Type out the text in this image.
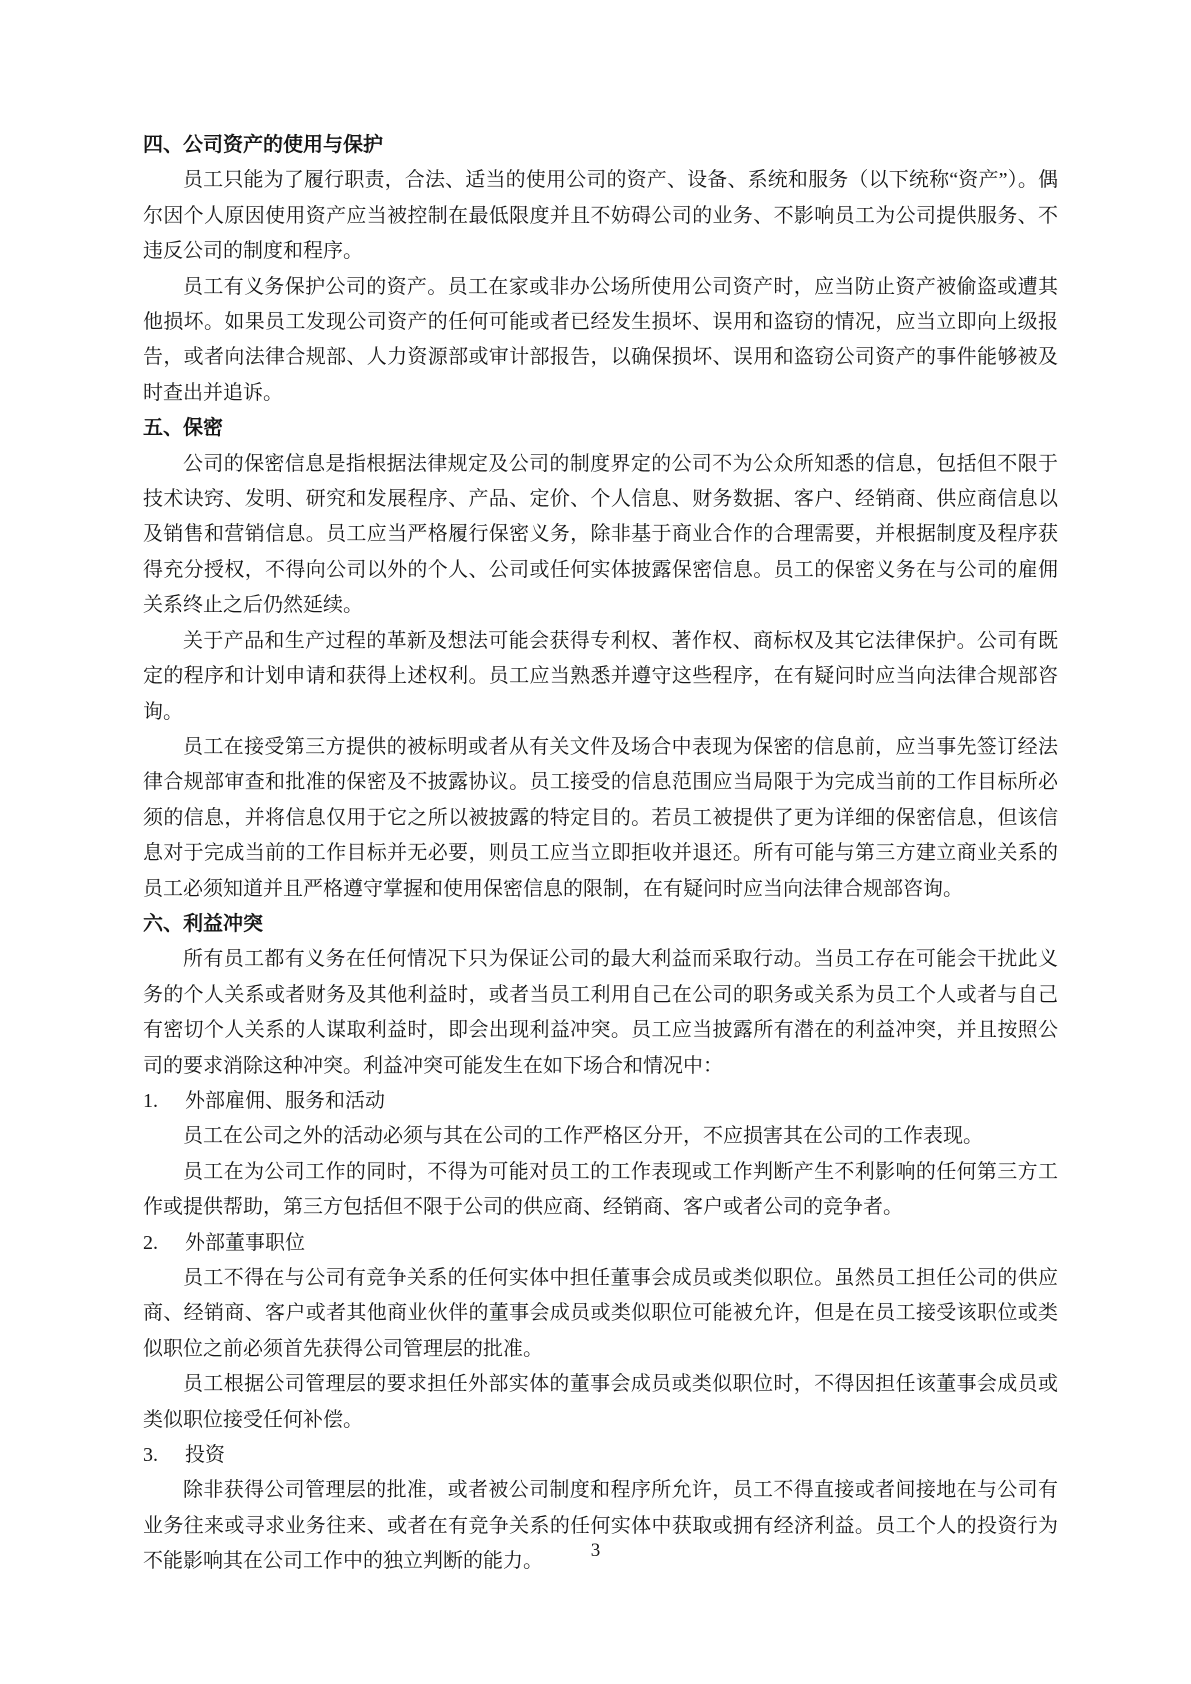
四、公司资产的使用与保护

员工只能为了履行职责，合法、适当的使用公司的资产、设备、系统和服务（以下统称“资产”）。偶尔因个人原因使用资产应当被控制在最低限度并且不妨碍公司的业务、不影响员工为公司提供服务、不违反公司的制度和程序。

员工有义务保护公司的资产。员工在家或非办公场所使用公司资产时，应当防止资产被偷盗或遭其他损坏。如果员工发现公司资产的任何可能或者已经发生损坏、误用和盗窃的情况，应当立即向上级报告，或者向法律合规部、人力资源部或审计部报告，以确保损坏、误用和盗窃公司资产的事件能够被及时查出并追诉。

五、保密

公司的保密信息是指根据法律规定及公司的制度界定的公司不为公众所知悉的信息，包括但不限于技术诀窍、发明、研究和发展程序、产品、定价、个人信息、财务数据、客户、经销商、供应商信息以及销售和营销信息。员工应当严格履行保密义务，除非基于商业合作的合理需要，并根据制度及程序获得充分授权，不得向公司以外的个人、公司或任何实体披露保密信息。员工的保密义务在与公司的雇佣关系终止之后仍然延续。

关于产品和生产过程的革新及想法可能会获得专利权、著作权、商标权及其它法律保护。公司有既定的程序和计划申请和获得上述权利。员工应当熟悉并遵守这些程序，在有疑问时应当向法律合规部咨询。

员工在接受第三方提供的被标明或者从有关文件及场合中表现为保密的信息前，应当事先签订经法律合规部审查和批准的保密及不披露协议。员工接受的信息范围应当局限于为完成当前的工作目标所必须的信息，并将信息仅用于它之所以被披露的特定目的。若员工被提供了更为详细的保密信息，但该信息对于完成当前的工作目标并无必要，则员工应当立即拒收并退还。所有可能与第三方建立商业关系的员工必须知道并且严格遵守掌握和使用保密信息的限制，在有疑问时应当向法律合规部咨询。

六、利益冲突

所有员工都有义务在任何情况下只为保证公司的最大利益而采取行动。当员工存在可能会干扰此义务的个人关系或者财务及其他利益时，或者当员工利用自己在公司的职务或关系为员工个人或者与自己有密切个人关系的人谋取利益时，即会出现利益冲突。员工应当披露所有潜在的利益冲突，并且按照公司的要求消除这种冲突。利益冲突可能发生在如下场合和情况中：

1. 外部雇佣、服务和活动

员工在公司之外的活动必须与其在公司的工作严格区分开，不应损害其在公司的工作表现。

员工在为公司工作的同时，不得为可能对员工的工作表现或工作判断产生不利影响的任何第三方工作或提供帮助，第三方包括但不限于公司的供应商、经销商、客户或者公司的竞争者。

2. 外部董事职位

员工不得在与公司有竞争关系的任何实体中担任董事会成员或类似职位。虽然员工担任公司的供应商、经销商、客户或者其他商业伙伴的董事会成员或类似职位可能被允许，但是在员工接受该职位或类似职位之前必须首先获得公司管理层的批准。

员工根据公司管理层的要求担任外部实体的董事会成员或类似职位时，不得因担任该董事会成员或类似职位接受任何补偿。

3. 投资

除非获得公司管理层的批准，或者被公司制度和程序所允许，员工不得直接或者间接地在与公司有业务往来或寻求业务往来、或者在有竞争关系的任何实体中获取或拥有经济利益。员工个人的投资行为不能影响其在公司工作中的独立判断的能力。	3
